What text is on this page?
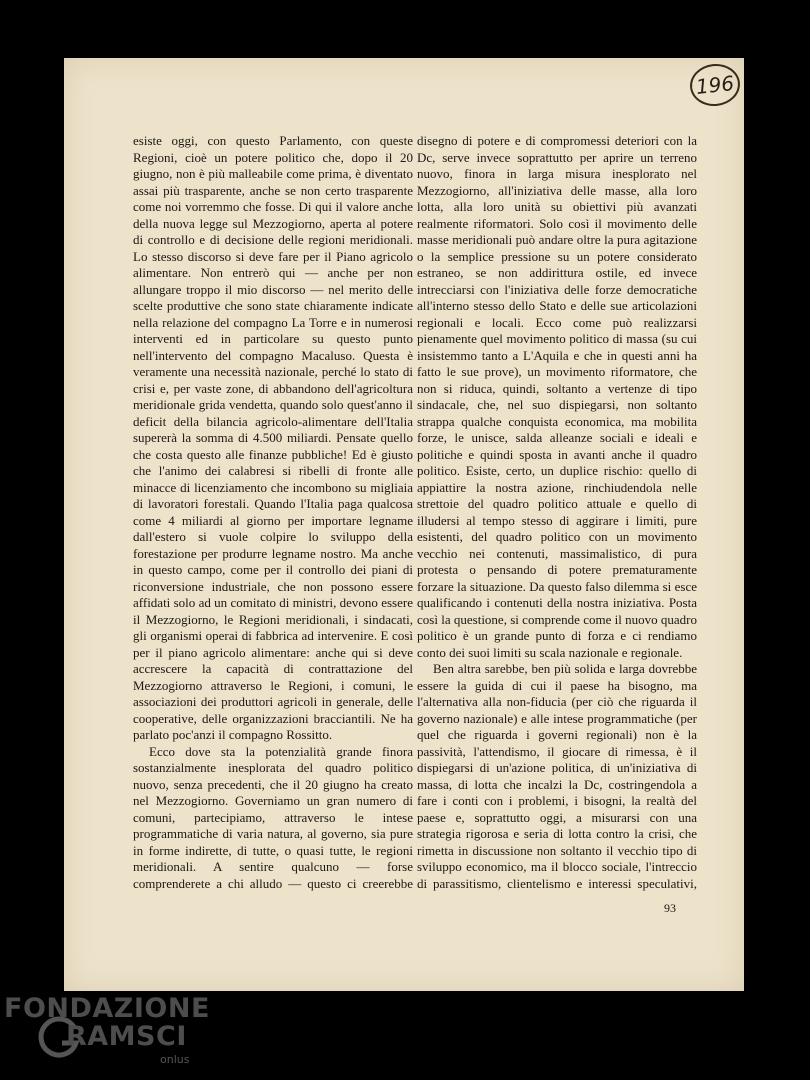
196

esiste oggi, con questo Parlamento, con queste Regioni, cioè un potere politico che, dopo il 20 giugno, non è più malleabile come prima, è diventato assai più trasparente, anche se non certo trasparente come noi vorremmo che fosse. Di qui il valore anche della nuova legge sul Mezzogiorno, aperta al potere di controllo e di decisione delle regioni meridionali. Lo stesso discorso si deve fare per il Piano agricolo alimentare. Non entrerò qui — anche per non allungare troppo il mio discorso — nel merito delle scelte produttive che sono state chiaramente indicate nella relazione del compagno La Torre e in numerosi interventi ed in particolare su questo punto nell'intervento del compagno Macaluso. Questa è veramente una necessità nazionale, perché lo stato di crisi e, per vaste zone, di abbandono dell'agricoltura meridionale grida vendetta, quando solo quest'anno il deficit della bilancia agricolo-alimentare dell'Italia supererà la somma di 4.500 miliardi. Pensate quello che costa questo alle finanze pubbliche! Ed è giusto che l'animo dei calabresi si ribelli di fronte alle minacce di licenziamento che incombono su migliaia di lavoratori forestali. Quando l'Italia paga qualcosa come 4 miliardi al giorno per importare legname dall'estero si vuole colpire lo sviluppo della forestazione per produrre legname nostro. Ma anche in questo campo, come per il controllo dei piani di riconversione industriale, che non possono essere affidati solo ad un comitato di ministri, devono essere il Mezzogiorno, le Regioni meridionali, i sindacati, gli organismi operai di fabbrica ad intervenire. E così per il piano agricolo alimentare: anche qui si deve accrescere la capacità di contrattazione del Mezzogiorno attraverso le Regioni, i comuni, le associazioni dei produttori agricoli in generale, delle cooperative, delle organizzazioni bracciantili. Ne ha parlato poc'anzi il compagno Rossitto.

Ecco dove sta la potenzialità grande finora sostanzialmente inesplorata del quadro politico nuovo, senza precedenti, che il 20 giugno ha creato nel Mezzogiorno. Governiamo un gran numero di comuni, partecipiamo, attraverso le intese programmatiche di varia natura, al governo, sia pure in forme indirette, di tutte, o quasi tutte, le regioni meridionali. A sentire qualcuno — forse comprenderete a chi alludo — questo ci creerebbe

disegno di potere e di compromessi deteriori con la Dc, serve invece soprattutto per aprire un terreno nuovo, finora in larga misura inesplorato nel Mezzogiorno, all'iniziativa delle masse, alla loro lotta, alla loro unità su obiettivi più avanzati realmente riformatori. Solo così il movimento delle masse meridionali può andare oltre la pura agitazione o la semplice pressione su un potere considerato estraneo, se non addirittura ostile, ed invece intrecciarsi con l'iniziativa delle forze democratiche all'interno stesso dello Stato e delle sue articolazioni regionali e locali. Ecco come può realizzarsi pienamente quel movimento politico di massa (su cui insistemmo tanto a L'Aquila e che in questi anni ha fatto le sue prove), un movimento riformatore, che non si riduca, quindi, soltanto a vertenze di tipo sindacale, che, nel suo dispiegarsi, non soltanto strappa qualche conquista economica, ma mobilita forze, le unisce, salda alleanze sociali e ideali e politiche e quindi sposta in avanti anche il quadro politico. Esiste, certo, un duplice rischio: quello di appiattire la nostra azione, rinchiudendola nelle strettoie del quadro politico attuale e quello di illudersi al tempo stesso di aggirare i limiti, pure esistenti, del quadro politico con un movimento vecchio nei contenuti, massimalistico, di pura protesta o pensando di potere prematuramente forzare la situazione. Da questo falso dilemma si esce qualificando i contenuti della nostra iniziativa. Posta così la questione, si comprende come il nuovo quadro politico è un grande punto di forza e ci rendiamo conto dei suoi limiti su scala nazionale e regionale.

Ben altra sarebbe, ben più solida e larga dovrebbe essere la guida di cui il paese ha bisogno, ma l'alternativa alla non-fiducia (per ciò che riguarda il governo nazionale) e alle intese programmatiche (per quel che riguarda i governi regionali) non è la passività, l'attendismo, il giocare di rimessa, è il dispiegarsi di un'azione politica, di un'iniziativa di massa, di lotta che incalzi la Dc, costringendola a fare i conti con i problemi, i bisogni, la realtà del paese e, soprattutto oggi, a misurarsi con una strategia rigorosa e seria di lotta contro la crisi, che rimetta in discussione non soltanto il vecchio tipo di sviluppo economico, ma il blocco sociale, l'intreccio di parassitismo, clientelismo e interessi speculativi,

93
FONDAZIONE
RAMSCI
onlus
